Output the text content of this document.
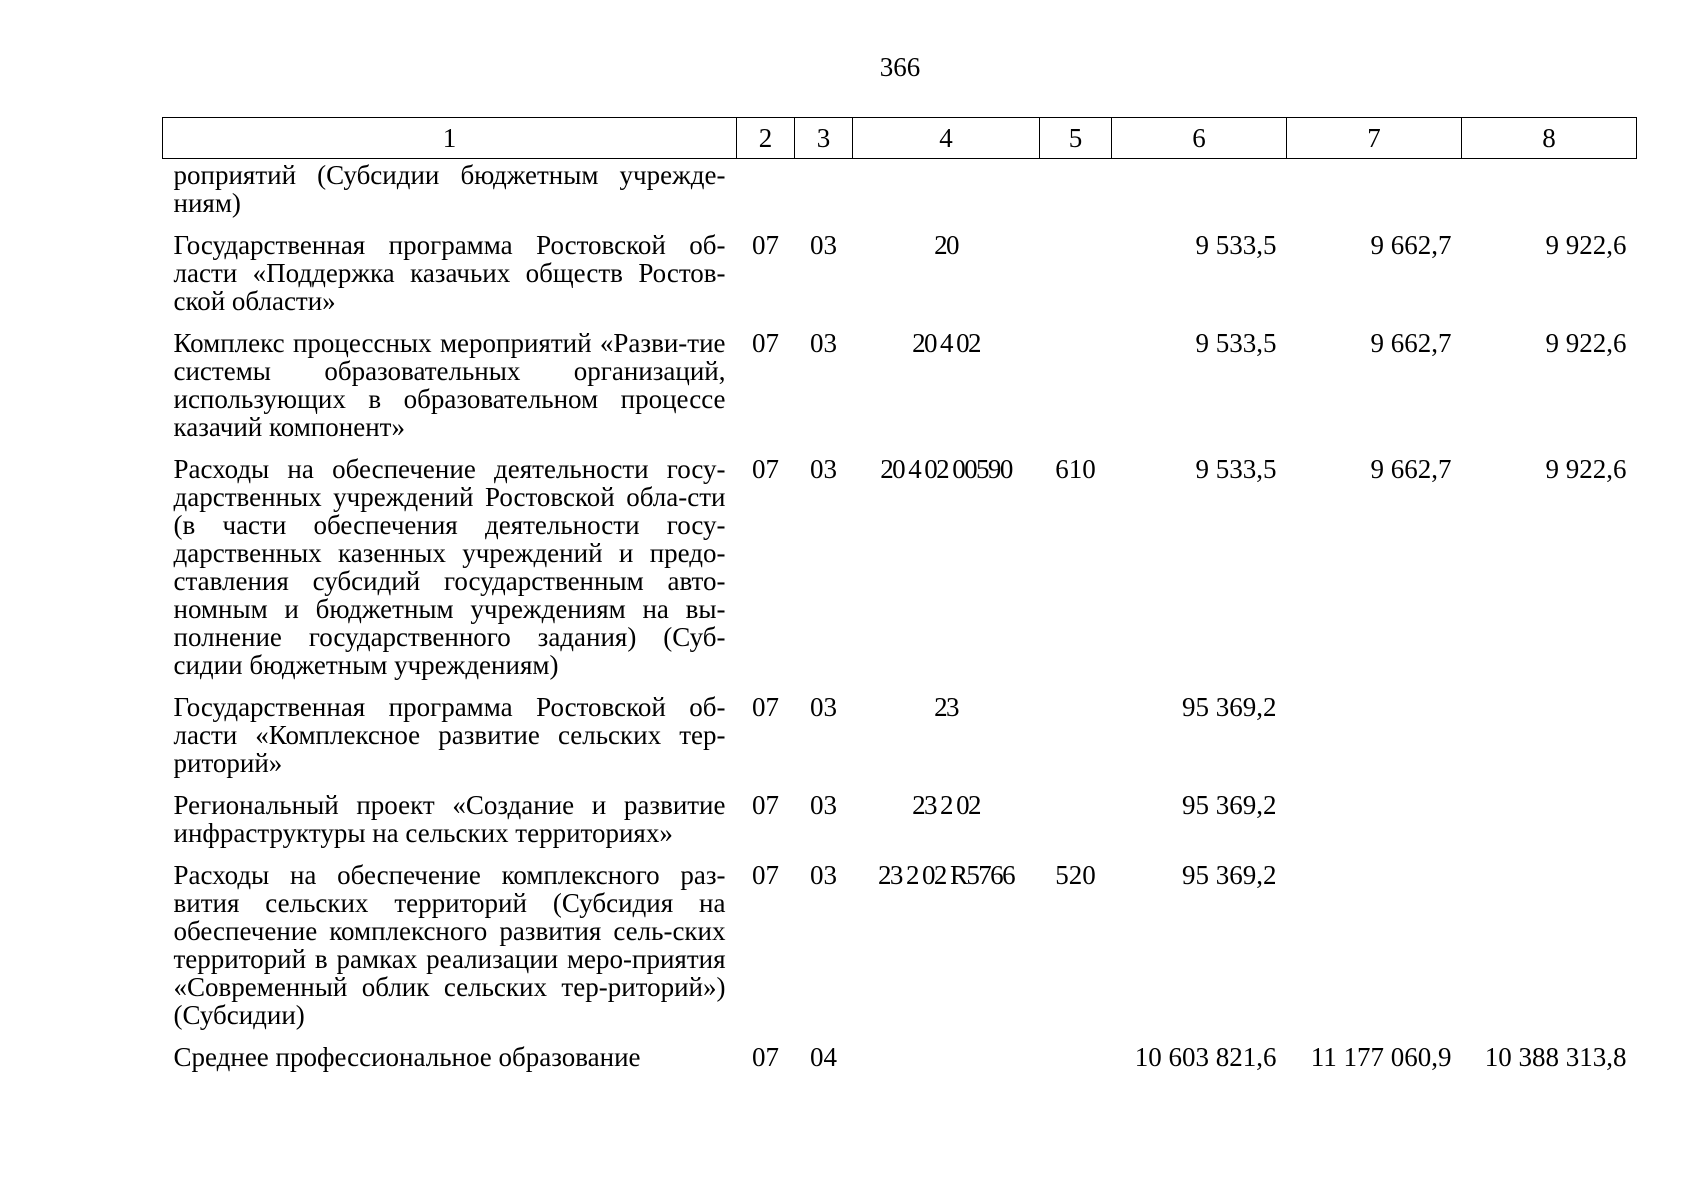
366
1	2	3	4	5	6	7	8
роприятий (Субсидии бюджетным учрежде-ниям)							
Государственная программа Ростовской об-ласти «Поддержка казачьих обществ Ростов-ской области»	07	03	20		9 533,5	9 662,7	9 922,6
Комплекс процессных мероприятий «Разви-тие системы образовательных организаций, использующих в образовательном процессе казачий компонент»	07	03	20 4 02		9 533,5	9 662,7	9 922,6
Расходы на обеспечение деятельности госу-дарственных учреждений Ростовской обла-сти (в части обеспечения деятельности госу-дарственных казенных учреждений и предо-ставления субсидий государственным авто-номным и бюджетным учреждениям на вы-полнение государственного задания) (Суб-сидии бюджетным учреждениям)	07	03	20 4 02 00590	610	9 533,5	9 662,7	9 922,6
Государственная программа Ростовской об-ласти «Комплексное развитие сельских тер-риторий»	07	03	23		95 369,2		
Региональный проект «Создание и развитие инфраструктуры на сельских территориях»	07	03	23 2 02		95 369,2		
Расходы на обеспечение комплексного раз-вития сельских территорий (Субсидия на обеспечение комплексного развития сель-ских территорий в рамках реализации меро-приятия «Современный облик сельских тер-риторий») (Субсидии)	07	03	23 2 02 R5766	520	95 369,2		
Среднее профессиональное образование	07	04			10 603 821,6	11 177 060,9	10 388 313,8
